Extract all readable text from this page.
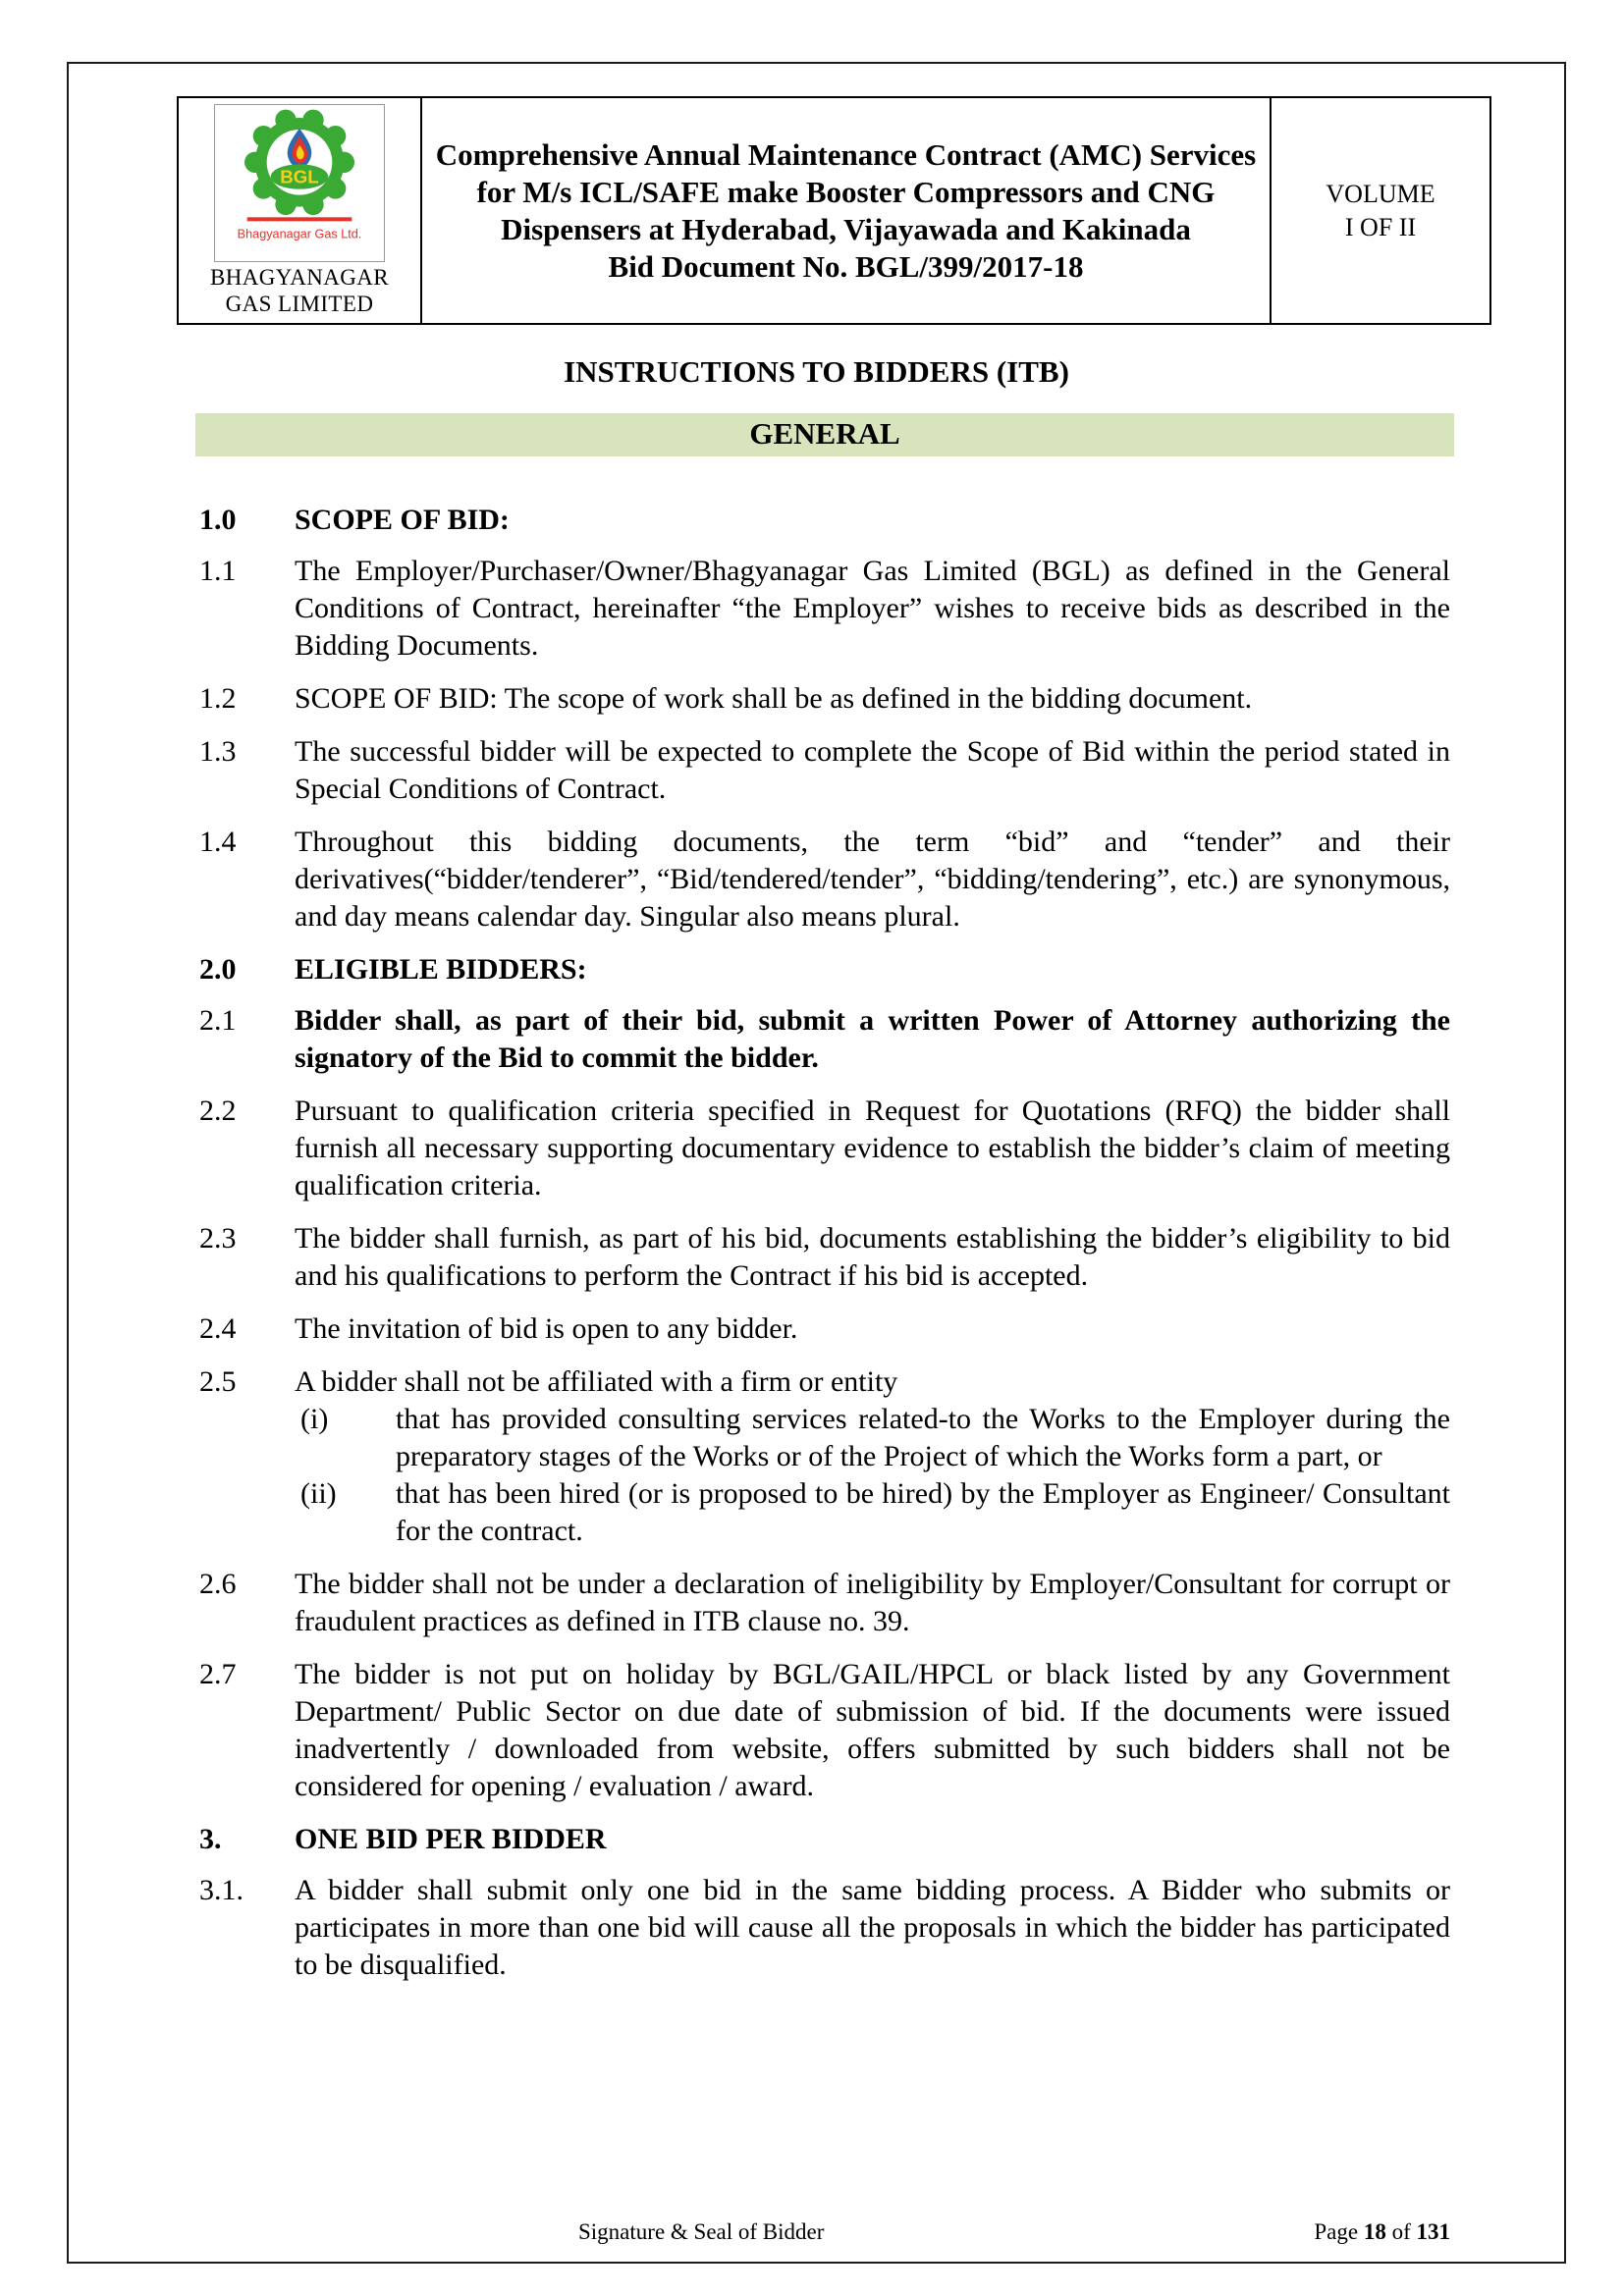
BGL
Bhagyanagar Gas Ltd.
BHAGYANAGAR
GAS LIMITED
Comprehensive Annual Maintenance Contract (AMC) Services for M/s ICL/SAFE make Booster Compressors and CNG Dispensers at Hyderabad, Vijayawada and Kakinada
Bid Document No. BGL/399/2017-18
VOLUME
I OF II
INSTRUCTIONS TO BIDDERS (ITB)
GENERAL
1.0	SCOPE OF BID:
1.1	The Employer/Purchaser/Owner/Bhagyanagar Gas Limited (BGL) as defined in the General Conditions of Contract, hereinafter “the Employer” wishes to receive bids as described in the Bidding Documents.
1.2	SCOPE OF BID: The scope of work shall be as defined in the bidding document.
1.3	The successful bidder will be expected to complete the Scope of Bid within the period stated in Special Conditions of Contract.
1.4	Throughout this bidding documents, the term “bid” and “tender” and their derivatives(“bidder/tenderer”, “Bid/tendered/tender”, “bidding/tendering”, etc.) are synonymous, and day means calendar day. Singular also means plural.
2.0	ELIGIBLE BIDDERS:
2.1	Bidder shall, as part of their bid, submit a written Power of Attorney authorizing the signatory of the Bid to commit the bidder.
2.2	Pursuant to qualification criteria specified in Request for Quotations (RFQ) the bidder shall furnish all necessary supporting documentary evidence to establish the bidder’s claim of meeting qualification criteria.
2.3	The bidder shall furnish, as part of his bid, documents establishing the bidder’s eligibility to bid and his qualifications to perform the Contract if his bid is accepted.
2.4	The invitation of bid is open to any bidder.
2.5	A bidder shall not be affiliated with a firm or entity
(i)	that has provided consulting services related-to the Works to the Employer during the preparatory stages of the Works or of the Project of which the Works form a part, or
(ii)	that has been hired (or is proposed to be hired) by the Employer as Engineer/ Consultant for the contract.
2.6	The bidder shall not be under a declaration of ineligibility by Employer/Consultant for corrupt or fraudulent practices as defined in ITB clause no. 39.
2.7	The bidder is not put on holiday by BGL/GAIL/HPCL or black listed by any Government Department/ Public Sector on due date of submission of bid. If the documents were issued inadvertently / downloaded from website, offers submitted by such bidders shall not be considered for opening / evaluation / award.
3.	ONE BID PER BIDDER
3.1.	A bidder shall submit only one bid in the same bidding process. A Bidder who submits or participates in more than one bid will cause all the proposals in which the bidder has participated to be disqualified.
Signature & Seal of Bidder	Page 18 of 131
